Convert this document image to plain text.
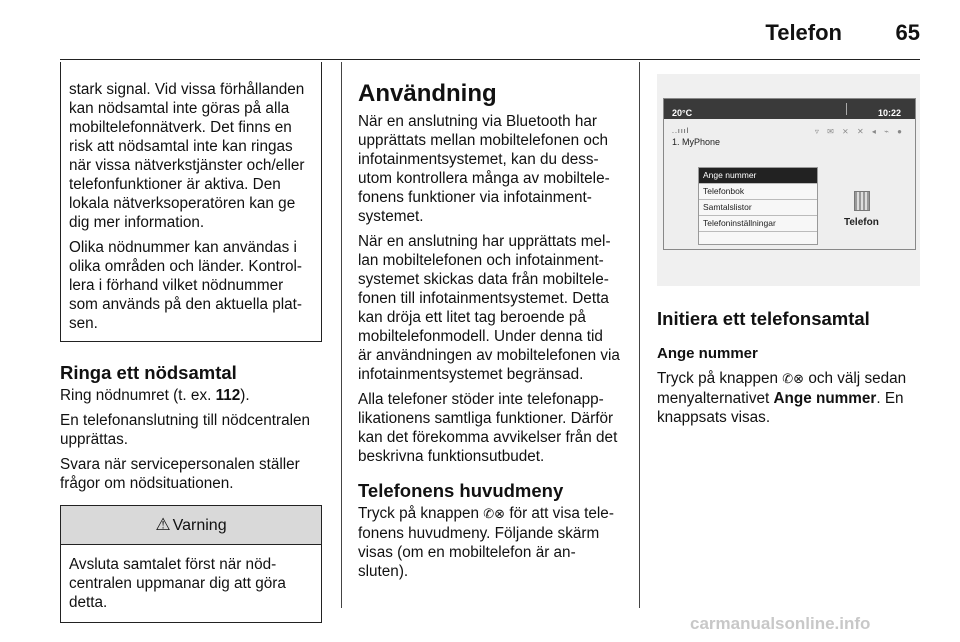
Telefon 65

stark signal. Vid vissa förhållanden kan nödsamtal inte göras på alla mobiltelefonnätverk. Det finns en risk att nödsamtal inte kan ringas när vissa nätverkstjänster och/eller telefonfunktioner är aktiva. Den lokala nätverksoperatören kan ge dig mer information.

Olika nödnummer kan användas i olika områden och länder. Kontrollera i förhand vilket nödnummer som används på den aktuella platsen.

Ringa ett nödsamtal

Ring nödnumret (t. ex. 112).

En telefonanslutning till nödcentralen upprättas.

Svara när servicepersonalen ställer frågor om nödsituationen.

⚠ Varning
Avsluta samtalet först när nödcentralen uppmanar dig att göra detta.
Användning

När en anslutning via Bluetooth har upprättats mellan mobiltelefonen och infotainmentsystemet, kan du dessutom kontrollera många av mobiltelefonens funktioner via infotainmentsystemet.

När en anslutning har upprättats mellan mobiltelefonen och infotainmentsystemet skickas data från mobiltelefonen till infotainmentsystemet. Detta kan dröja ett litet tag beroende på mobiltelefonmodell. Under denna tid är användningen av mobiltelefonen via infotainmentsystemet begränsad.

Alla telefoner stöder inte telefonapplikationens samtliga funktioner. Därför kan det förekomma avvikelser från det beskrivna funktionsutbudet.

Telefonens huvudmeny

Tryck på knappen ✆⊗ för att visa telefonens huvudmeny. Följande skärm visas (om en mobiltelefon är ansluten).

20°C	10:22
..ıııl	▿ ✉ ⨯ ✕ ◂ ⌁ ●
1. MyPhone
Ange nummer
Telefonbok
Samtalslistor
Telefoninställningar	Telefon
Initiera ett telefonsamtal

Ange nummer

Tryck på knappen ✆⊗ och välj sedan menyalternativet Ange nummer. En knappsats visas.

carmanualsonline.info
